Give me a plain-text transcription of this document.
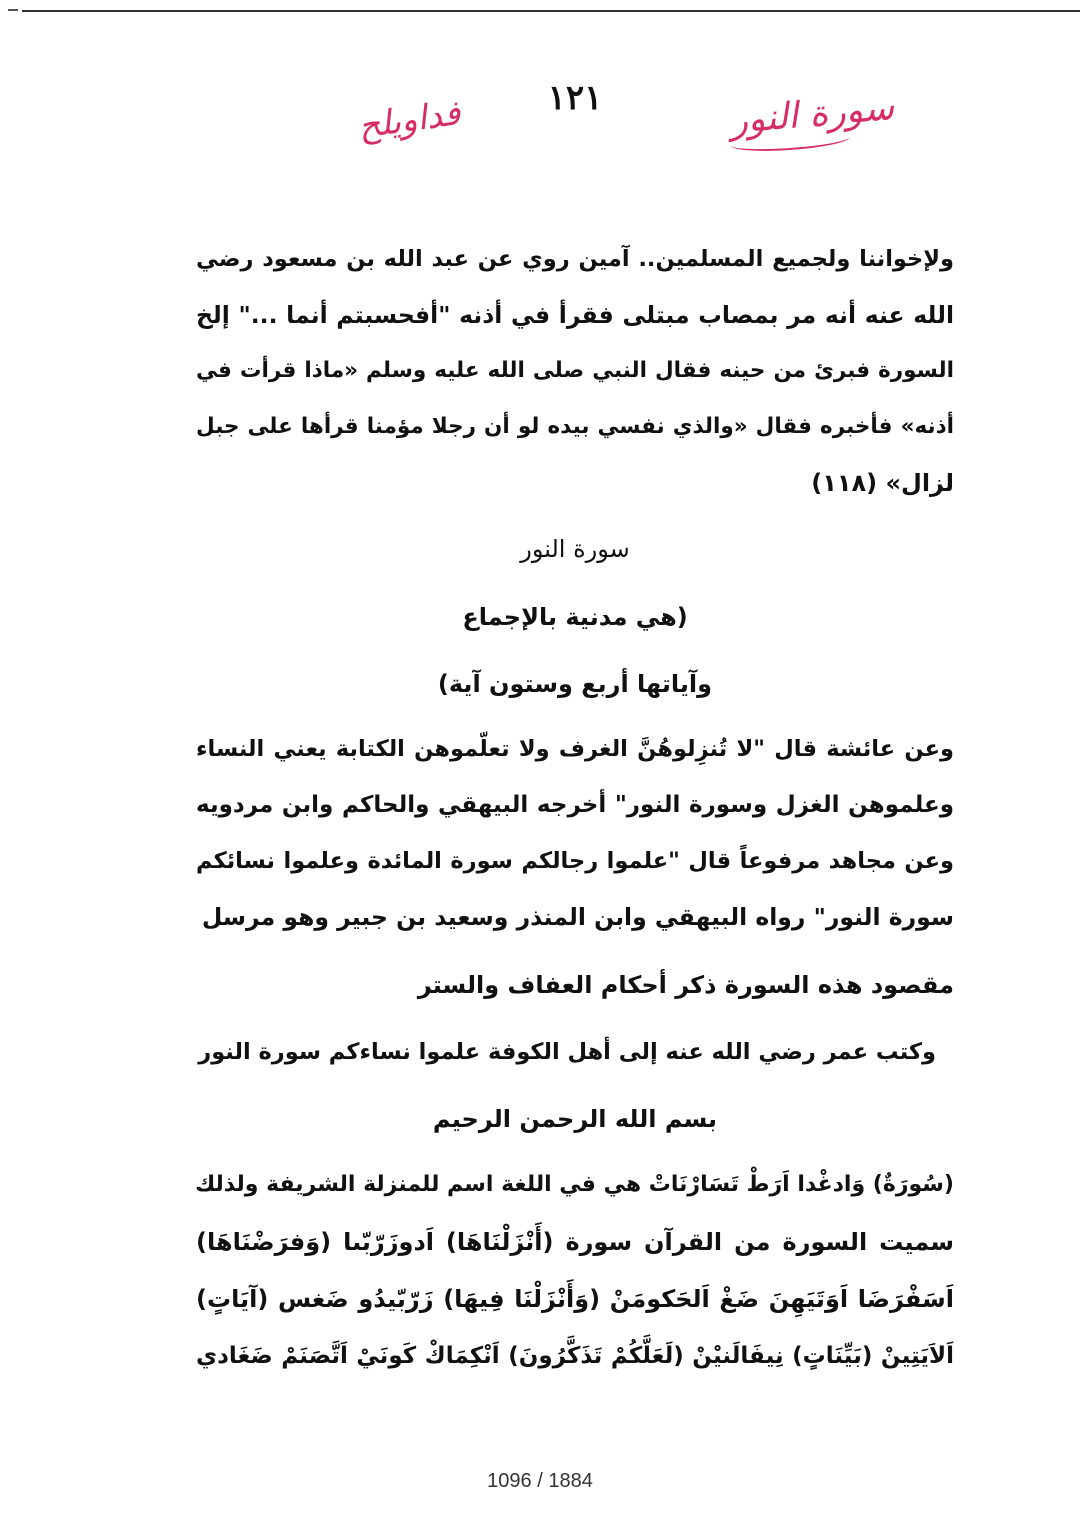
١٢١	سورة النور
فداويلح
ولإخواننا ولجميع المسلمين.. آمين روي عن عبد الله بن مسعود رضي
الله عنه أنه مر بمصاب مبتلى فقرأ في أذنه "أفحسبتم أنما ..." إلخ
السورة فبرئ من حينه فقال النبي صلى الله عليه وسلم «ماذا قرأت في
أذنه» فأخبره فقال «والذي نفسي بيده لو أن رجلا مؤمنا قرأها على جبل
لزال» (١١٨)
سورة النور
(هي مدنية بالإجماع
وآياتها أربع وستون آية)
وعن عائشة قال "لا تُنزِلوهُنَّ الغرف ولا تعلّموهن الكتابة يعني النساء
وعلموهن الغزل وسورة النور" أخرجه البيهقي والحاكم وابن مردويه
وعن مجاهد مرفوعاً قال "علموا رجالكم سورة المائدة وعلموا نسائكم
سورة النور" رواه البيهقي وابن المنذر وسعيد بن جبير وهو مرسل
مقصود هذه السورة ذكر أحكام العفاف والستر
وكتب عمر رضي الله عنه إلى أهل الكوفة علموا نساءكم سورة النور
بسم الله الرحمن الرحيم
(سُورَةٌ) وَادغْدا اَرَطْ تَسَارْنَاتْ هي في اللغة اسم للمنزلة الشريفة ولذلك
سميت السورة من القرآن سورة (أَنْزَلْنَاهَا) اَدوزَرّبّىا (وَفرَضْنَاهَا)
اَسَفْرَضَا اَوَتَيَهِنَ ضَغْ اَلحَكومَنْ (وَأَنْزَلْنَا فِيهَا) زَرّبّيدُو ضَغس (آيَاتٍ)
اَلاَيَتِينْ (بَيِّنَاتٍ) نِيفَالَنيْنْ (لَعَلَّكُمْ تَذَكَّرُونَ) اَنْكِمَاكْ كَونَيْ اَتَّصَنَمْ ضَغَادي
1096 / 1884
